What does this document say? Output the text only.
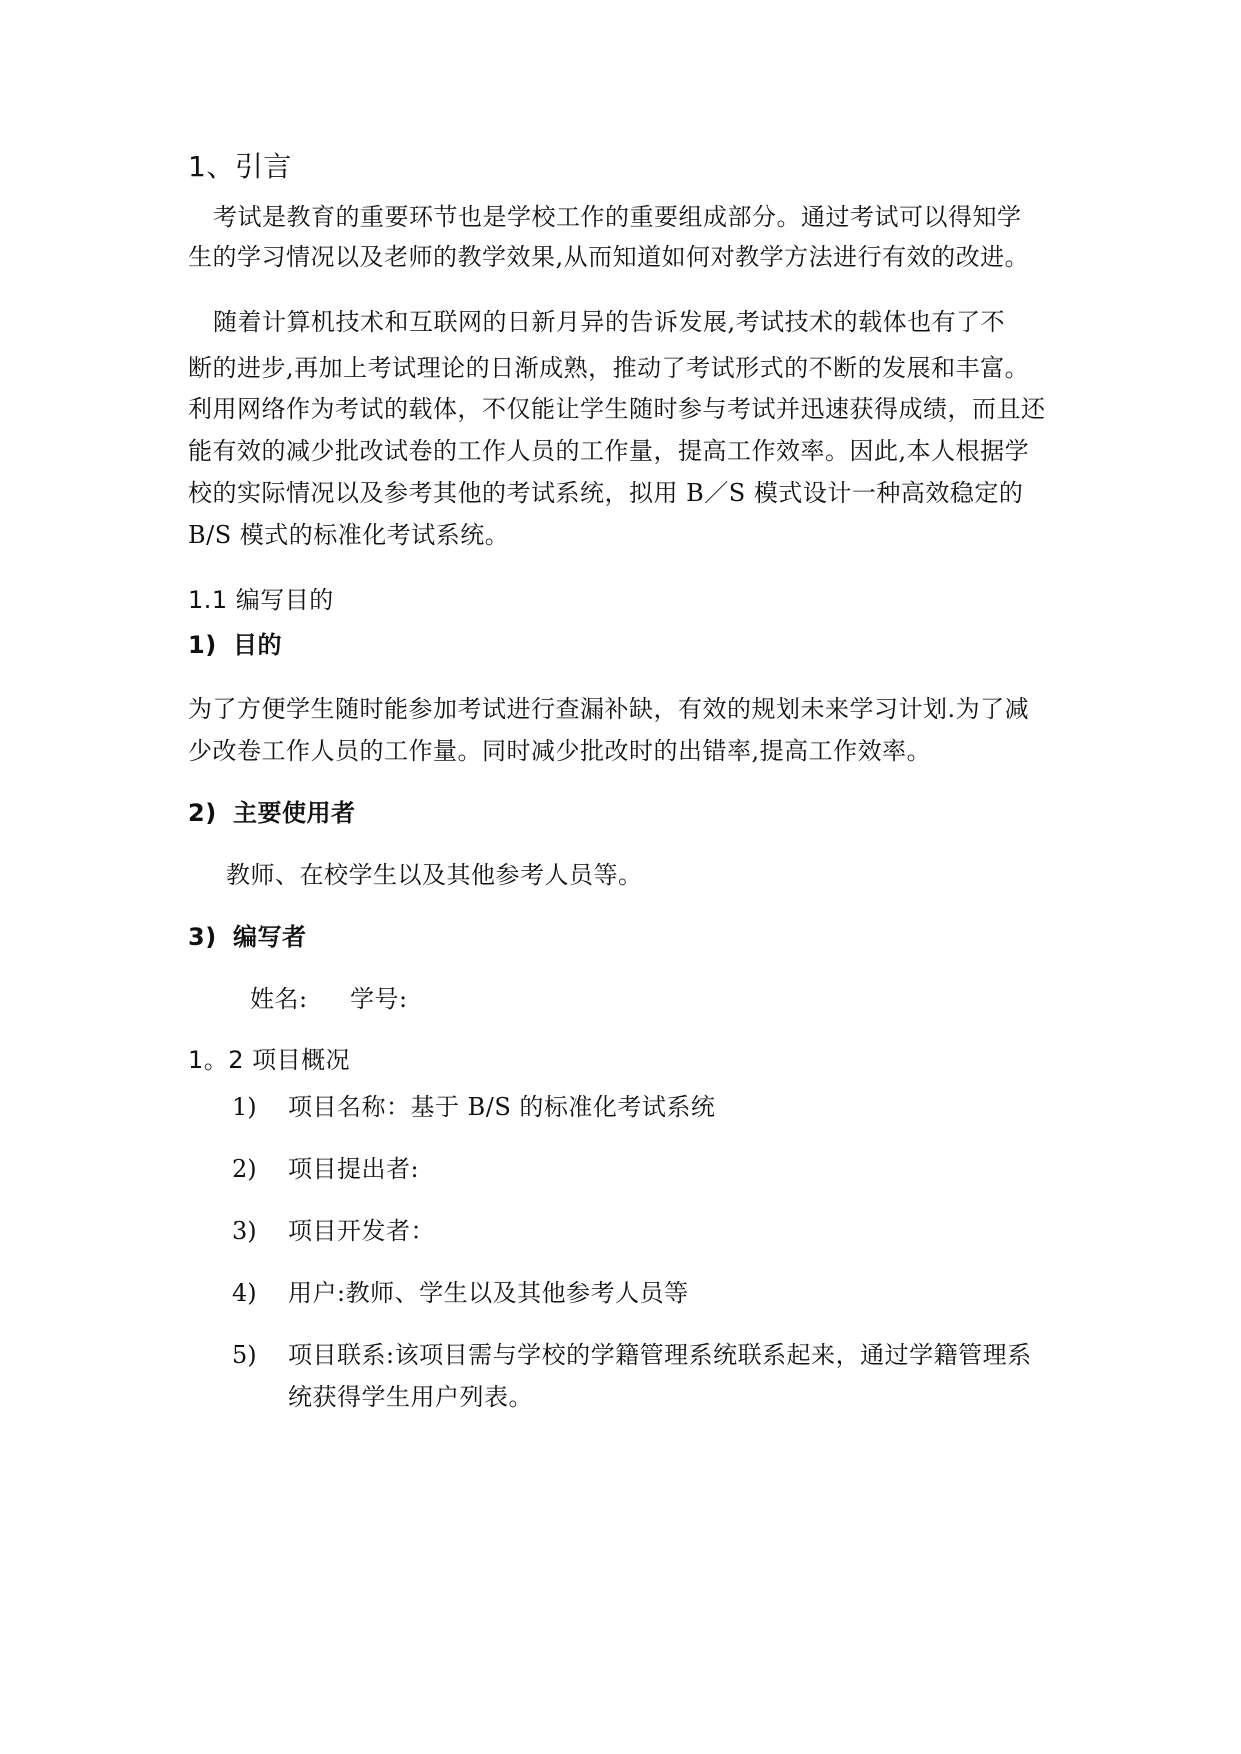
1、引言
考试是教育的重要环节也是学校工作的重要组成部分。通过考试可以得知学
生的学习情况以及老师的教学效果,从而知道如何对教学方法进行有效的改进。
随着计算机技术和互联网的日新月异的告诉发展,考试技术的载体也有了不
断的进步,再加上考试理论的日渐成熟，推动了考试形式的不断的发展和丰富。
利用网络作为考试的载体，不仅能让学生随时参与考试并迅速获得成绩，而且还
能有效的减少批改试卷的工作人员的工作量，提高工作效率。因此,本人根据学
校的实际情况以及参考其他的考试系统，拟用 B／S 模式设计一种高效稳定的
B/S 模式的标准化考试系统。
1.1 编写目的
1) 目的
为了方便学生随时能参加考试进行查漏补缺，有效的规划未来学习计划.为了减
少改卷工作人员的工作量。同时减少批改时的出错率,提高工作效率。
2) 主要使用者
教师、在校学生以及其他参考人员等。
3) 编写者
姓名: 学号:
1。2 项目概况
1) 项目名称：基于 B/S 的标准化考试系统
2) 项目提出者:
3) 项目开发者：
4) 用户:教师、学生以及其他参考人员等
5) 项目联系:该项目需与学校的学籍管理系统联系起来，通过学籍管理系
统获得学生用户列表。
